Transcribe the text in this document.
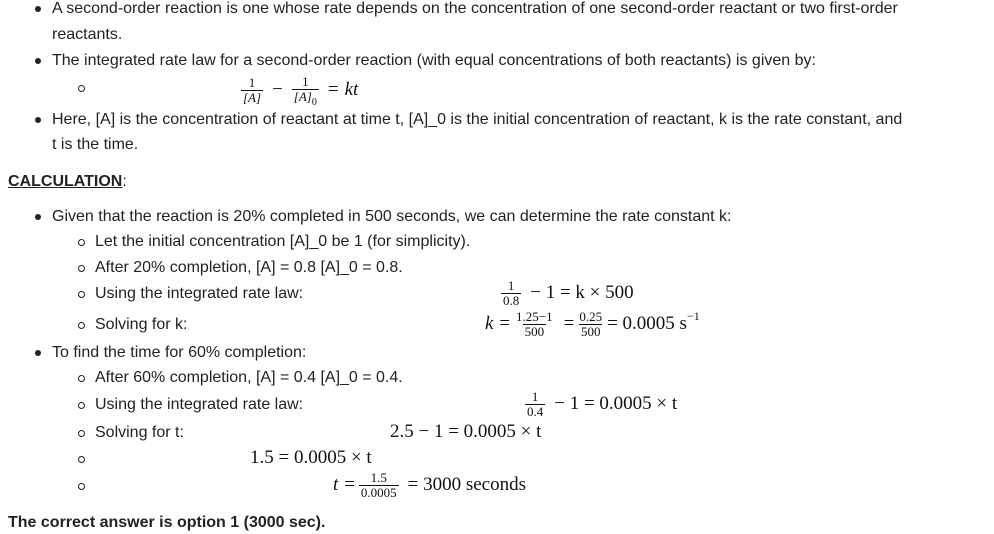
A second-order reaction is one whose rate depends on the concentration of one second-order reactant or two first-order
reactants.
The integrated rate law for a second-order reaction (with equal concentrations of both reactants) is given by:
$\frac{1}{[A]} - \frac{1}{[A]_0}$ = kt
Here, [A] is the concentration of reactant at time t, [A]_0 is the initial concentration of reactant, k is the rate constant, and
t is the time.
CALCULATION:
Given that the reaction is 20% completed in 500 seconds, we can determine the rate constant k:
Let the initial concentration [A]_0 be 1 (for simplicity).
After 20% completion, [A] = 0.8 [A]_0 = 0.8.
Using the integrated rate law:	$\frac{1}{0.8} - 1 = k \times 500$
Solving for k:	$k = \frac{1.25-1}{500} = \frac{0.25}{500} = 0.0005$ s −1
To find the time for 60% completion:
After 60% completion, [A] = 0.4 [A]_0 = 0.4.
Using the integrated rate law:	$\frac{1}{0.4} - 1 = 0.0005 \times t$
Solving for t:	2.5 − 1 = 0.0005 × t
1.5 = 0.0005 × t
$t = \frac{1.5}{0.0005} = 3000$ seconds
The correct answer is option 1 (3000 sec).
